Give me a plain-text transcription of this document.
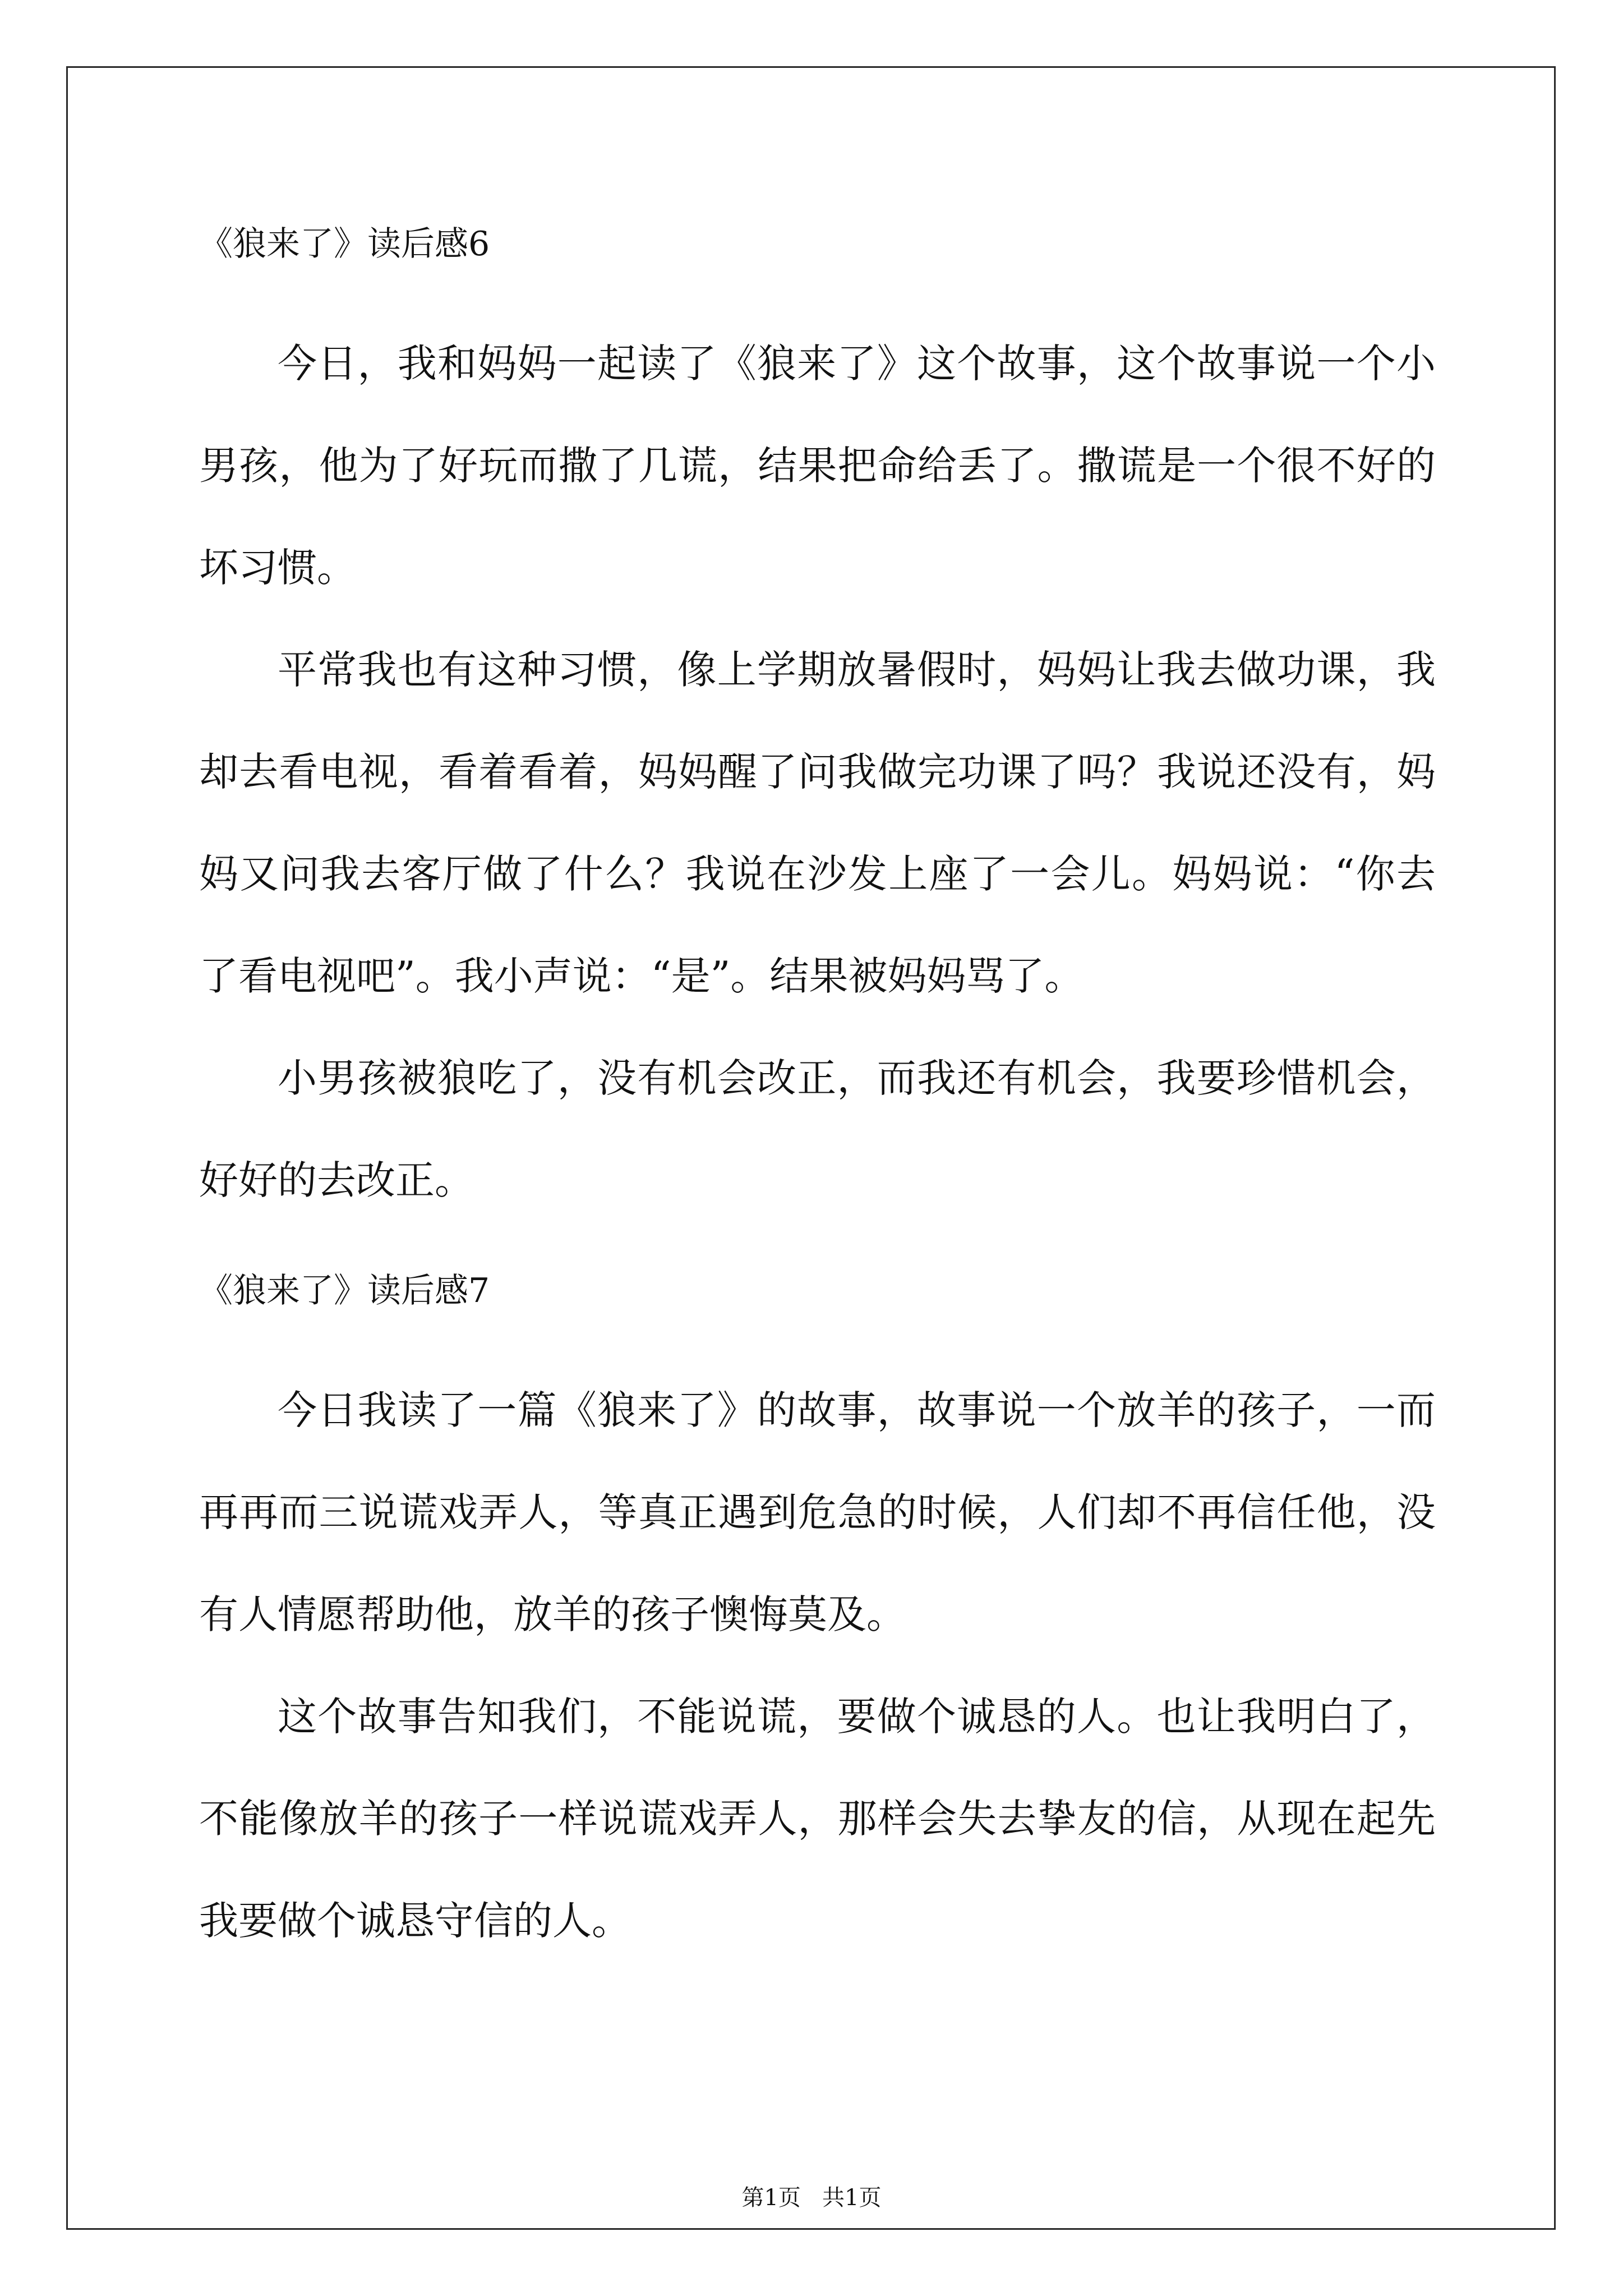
《狼来了》读后感6

今日，我和妈妈一起读了《狼来了》这个故事，这个故事说一个小男孩，他为了好玩而撒了几谎，结果把命给丢了。撒谎是一个很不好的坏习惯。

平常我也有这种习惯，像上学期放暑假时，妈妈让我去做功课，我却去看电视，看着看着，妈妈醒了问我做完功课了吗？我说还没有，妈妈又问我去客厅做了什么？我说在沙发上座了一会儿。妈妈说：“你去了看电视吧”。我小声说：“是”。结果被妈妈骂了。

小男孩被狼吃了，没有机会改正，而我还有机会，我要珍惜机会，好好的去改正。

《狼来了》读后感7

今日我读了一篇《狼来了》的故事，故事说一个放羊的孩子，一而再再而三说谎戏弄人，等真正遇到危急的时候，人们却不再信任他，没有人情愿帮助他，放羊的孩子懊悔莫及。

这个故事告知我们，不能说谎，要做个诚恳的人。也让我明白了，不能像放羊的孩子一样说谎戏弄人，那样会失去挚友的信，从现在起先我要做个诚恳守信的人。

第1页   共1页
